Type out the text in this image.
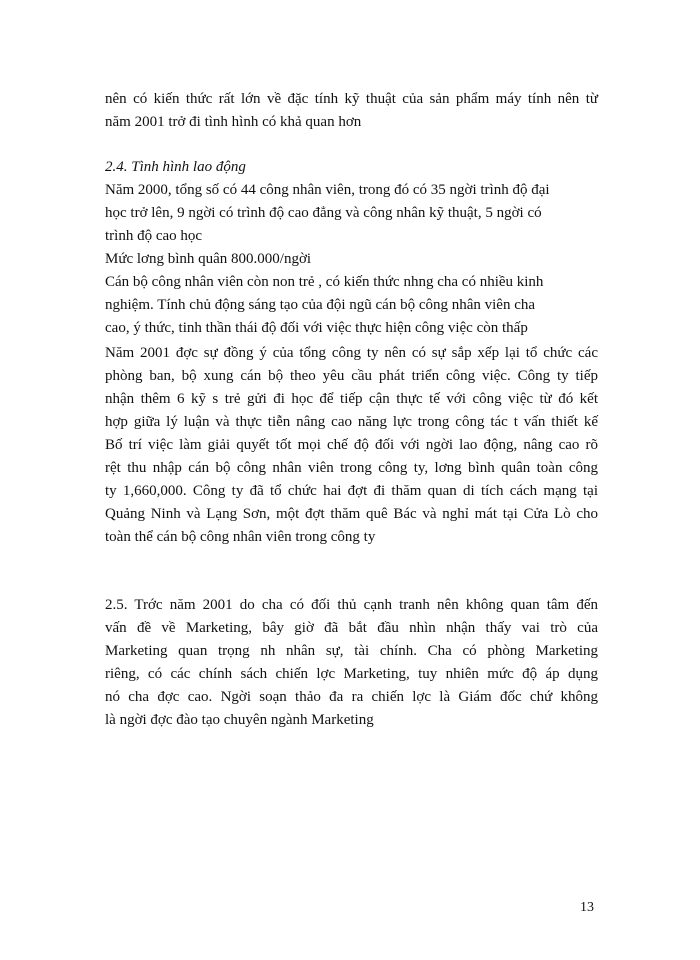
nên có kiến thức rất lớn về đặc tính kỹ thuật của sản phẩm máy tính nên từ
năm 2001 trở đi tình hình có khả quan hơn
2.4. Tình hình lao động
Năm 2000, tổng số có 44 công nhân viên, trong đó có 35 ngời trình độ đại
học trở lên, 9 ngời có trình độ cao đẳng và công nhân kỹ thuật, 5 ngời có
trình độ cao học
Mức lơng bình quân 800.000/ngời
Cán bộ công nhân viên còn non trẻ , có kiến thức nhng cha có nhiều kinh
nghiệm. Tính chủ động sáng tạo của đội ngũ cán bộ công nhân viên cha
cao, ý thức, tinh thần thái độ đối với việc thực hiện công việc còn thấp
Năm 2001 đợc sự đồng ý của tổng công ty nên có sự sắp xếp lại tổ chức các
phòng ban, bộ xung cán bộ theo yêu cầu phát triển công việc. Công ty tiếp
nhận thêm 6 kỹ s trẻ gửi đi học để tiếp cận thực tế với công việc từ đó kết
hợp giữa lý luận và thực tiễn nâng cao năng lực trong công tác t vấn thiết kế
Bố trí việc làm giải quyết tốt mọi chế độ đối với ngời lao động, nâng cao rõ
rệt thu nhập cán bộ công nhân viên trong công ty, lơng bình quân toàn công
ty 1,660,000. Công ty đã tổ chức hai đợt đi thăm quan di tích cách mạng tại
Quảng Ninh và Lạng Sơn, một đợt thăm quê Bác và nghỉ mát tại Cửa Lò cho
toàn thể cán bộ công nhân viên trong công ty
2.5. Trớc năm 2001 do cha có đối thủ cạnh tranh nên không quan tâm đến
vấn đề về Marketing, bây giờ đã bắt đầu nhìn nhận thấy vai trò của
Marketing quan trọng nh nhân sự, tài chính. Cha có phòng Marketing
riêng, có các chính sách chiến lợc Marketing, tuy nhiên mức độ áp dụng
nó cha đợc cao. Ngời soạn thảo đa ra chiến lợc là Giám đốc chứ không
là ngời đợc đào tạo chuyên ngành Marketing
13
